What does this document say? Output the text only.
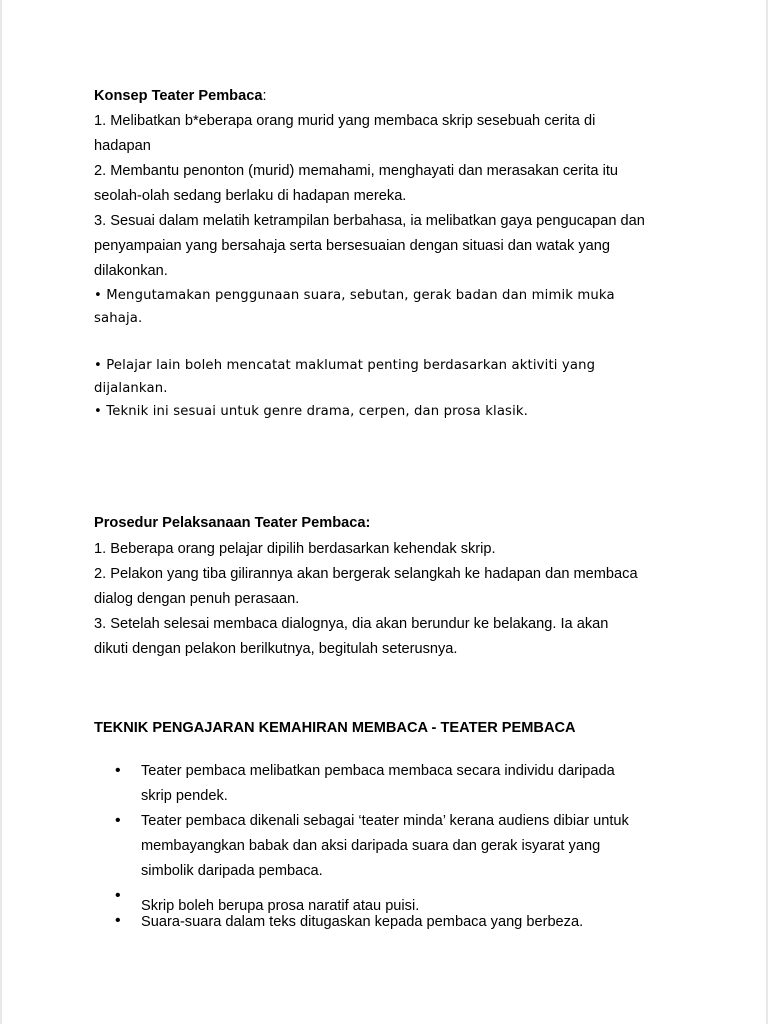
Konsep Teater Pembaca:
1. Melibatkan b*eberapa orang murid yang membaca skrip sesebuah cerita di
hadapan
2. Membantu penonton (murid) memahami, menghayati dan merasakan cerita itu
seolah-olah sedang berlaku di hadapan mereka.
3. Sesuai dalam melatih ketrampilan berbahasa, ia melibatkan gaya pengucapan dan
penyampaian yang bersahaja serta bersesuaian dengan situasi dan watak yang
dilakonkan.
• Mengutamakan penggunaan suara, sebutan, gerak badan dan mimik muka
sahaja.
• Pelajar lain boleh mencatat maklumat penting berdasarkan aktiviti yang
dijalankan.
• Teknik ini sesuai untuk genre drama, cerpen, dan prosa klasik.
Prosedur Pelaksanaan Teater Pembaca:
1. Beberapa orang pelajar dipilih berdasarkan kehendak skrip.
2. Pelakon yang tiba gilirannya akan bergerak selangkah ke hadapan dan membaca
dialog dengan penuh perasaan.
3. Setelah selesai membaca dialognya, dia akan berundur ke belakang. Ia akan
dikuti dengan pelakon berilkutnya, begitulah seterusnya.
TEKNIK PENGAJARAN KEMAHIRAN MEMBACA - TEATER PEMBACA
• Teater pembaca melibatkan pembaca membaca secara individu daripada
skrip pendek.
• Teater pembaca dikenali sebagai ‘teater minda’ kerana audiens dibiar untuk
membayangkan babak dan aksi daripada suara dan gerak isyarat yang
simbolik daripada pembaca.
•
Skrip boleh berupa prosa naratif atau puisi.
• Suara-suara dalam teks ditugaskan kepada pembaca yang berbeza.
